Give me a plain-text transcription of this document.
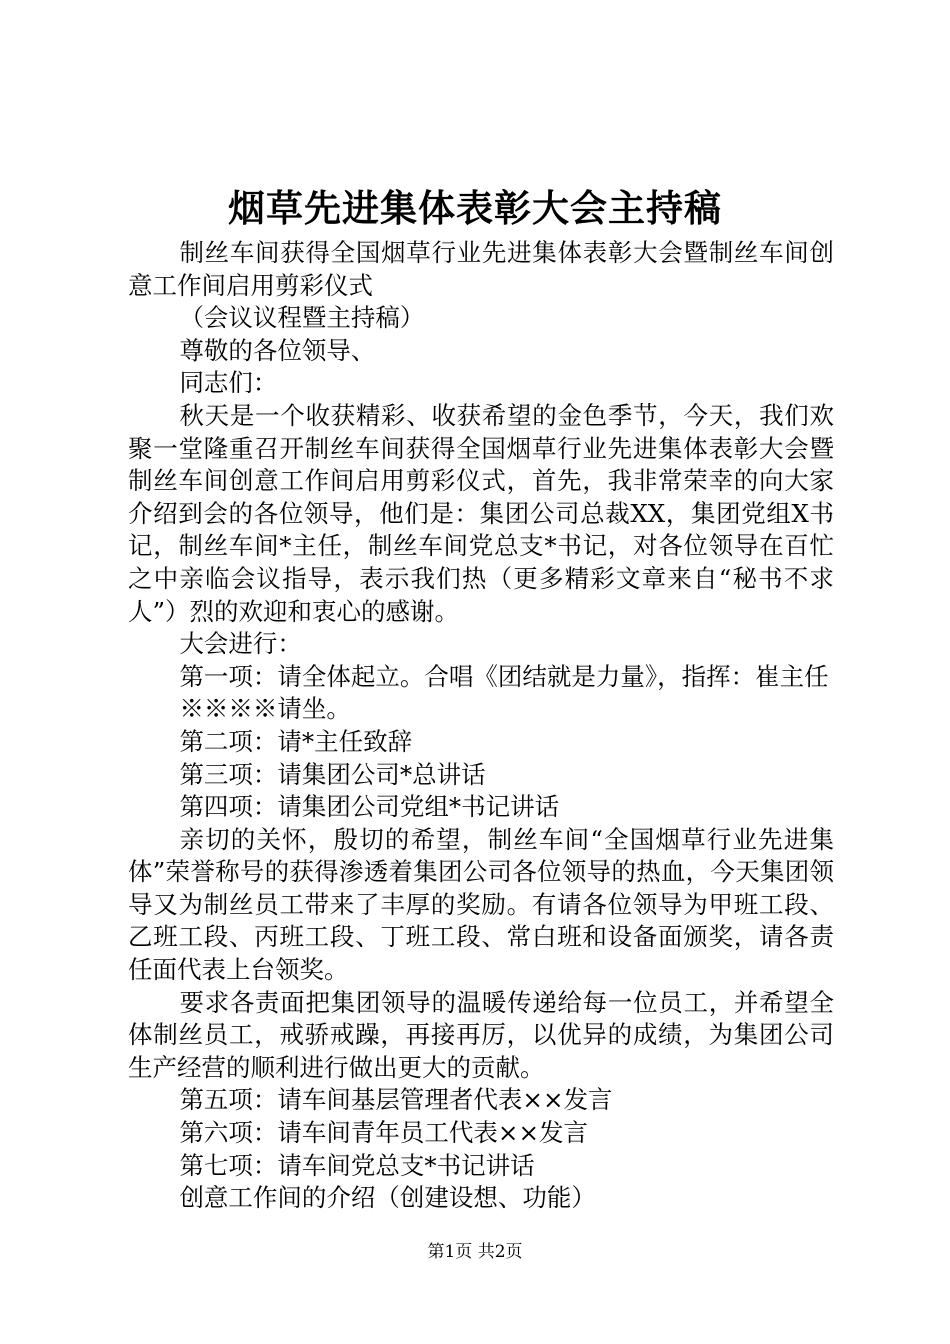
烟草先进集体表彰大会主持稿

制丝车间获得全国烟草行业先进集体表彰大会暨制丝车间创意工作间启用剪彩仪式

（会议议程暨主持稿）

尊敬的各位领导、

同志们：

秋天是一个收获精彩、收获希望的金色季节，今天，我们欢聚一堂隆重召开制丝车间获得全国烟草行业先进集体表彰大会暨制丝车间创意工作间启用剪彩仪式，首先，我非常荣幸的向大家介绍到会的各位领导，他们是：集团公司总裁XX，集团党组X书记，制丝车间*主任，制丝车间党总支*书记，对各位领导在百忙之中亲临会议指导，表示我们热（更多精彩文章来自“秘书不求人”）烈的欢迎和衷心的感谢。

大会进行：

第一项：请全体起立。合唱《团结就是力量》，指挥：崔主任

※※※※请坐。

第二项：请*主任致辞

第三项：请集团公司*总讲话

第四项：请集团公司党组*书记讲话

亲切的关怀，殷切的希望，制丝车间“全国烟草行业先进集体”荣誉称号的获得渗透着集团公司各位领导的热血，今天集团领导又为制丝员工带来了丰厚的奖励。有请各位领导为甲班工段、乙班工段、丙班工段、丁班工段、常白班和设备面颁奖，请各责任面代表上台领奖。

要求各责面把集团领导的温暖传递给每一位员工，并希望全体制丝员工，戒骄戒躁，再接再厉，以优异的成绩，为集团公司生产经营的顺利进行做出更大的贡献。

第五项：请车间基层管理者代表××发言

第六项：请车间青年员工代表××发言

第七项：请车间党总支*书记讲话

创意工作间的介绍（创建设想、功能）

第1页 共2页
